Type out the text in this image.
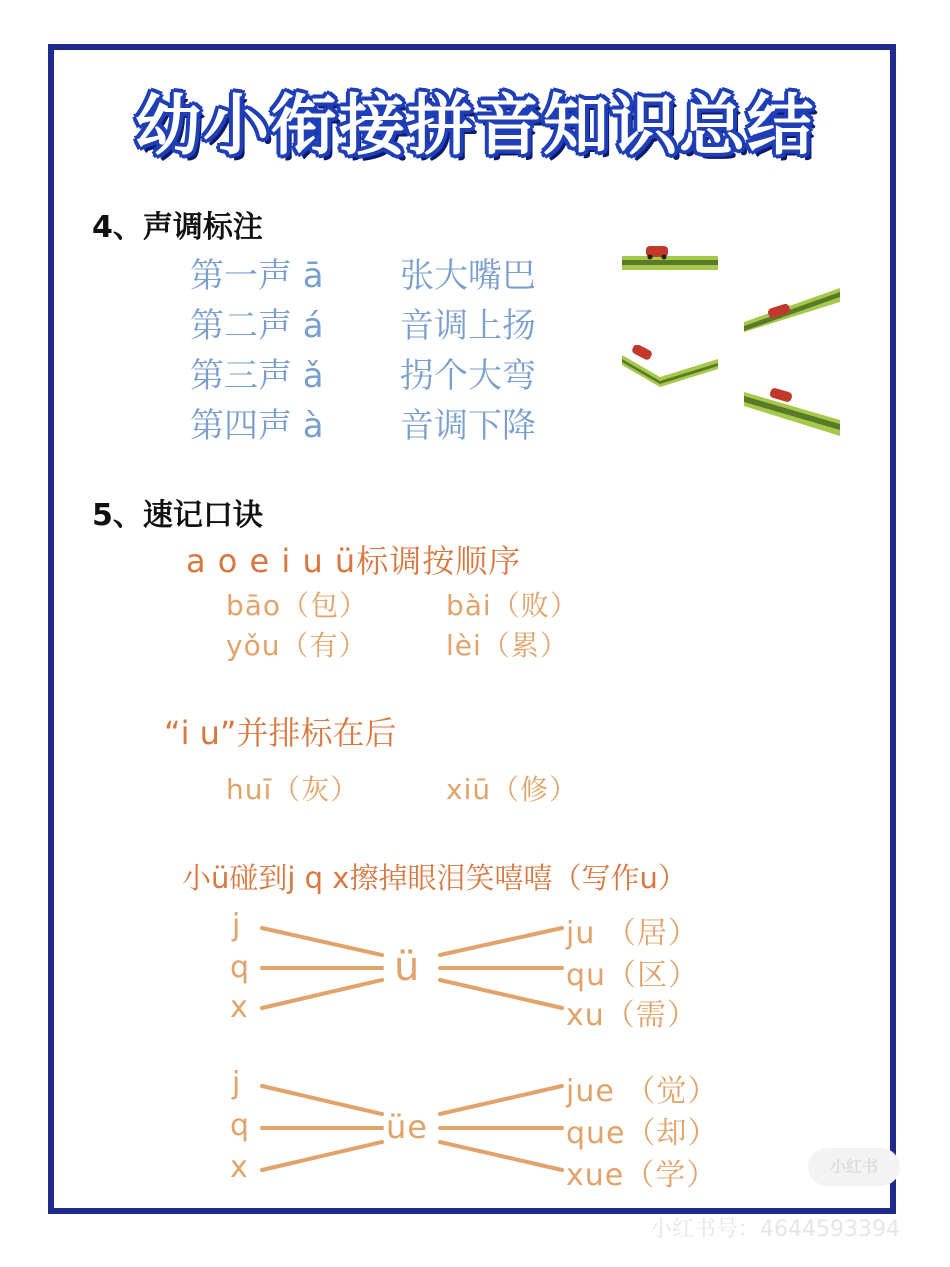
幼小衔接拼音知识总结
4、声调标注
第一声 ā 张大嘴巴
第二声 á 音调上扬
第三声 ǎ 拐个大弯
第四声 à 音调下降
5、速记口诀
a o e i u ü标调按顺序
bāo（包）	bài（败）
yǒu（有）	lèi（累）
“i u”并排标在后
huī（灰）	xiū（修）
小ü碰到j q x擦掉眼泪笑嘻嘻（写作u）
j
q
x
ü
ju （居）
qu（区）
xu（需）
j
q
x
üe
jue （觉）
que（却）
xue（学）	小红书
小红书号：4644593394
